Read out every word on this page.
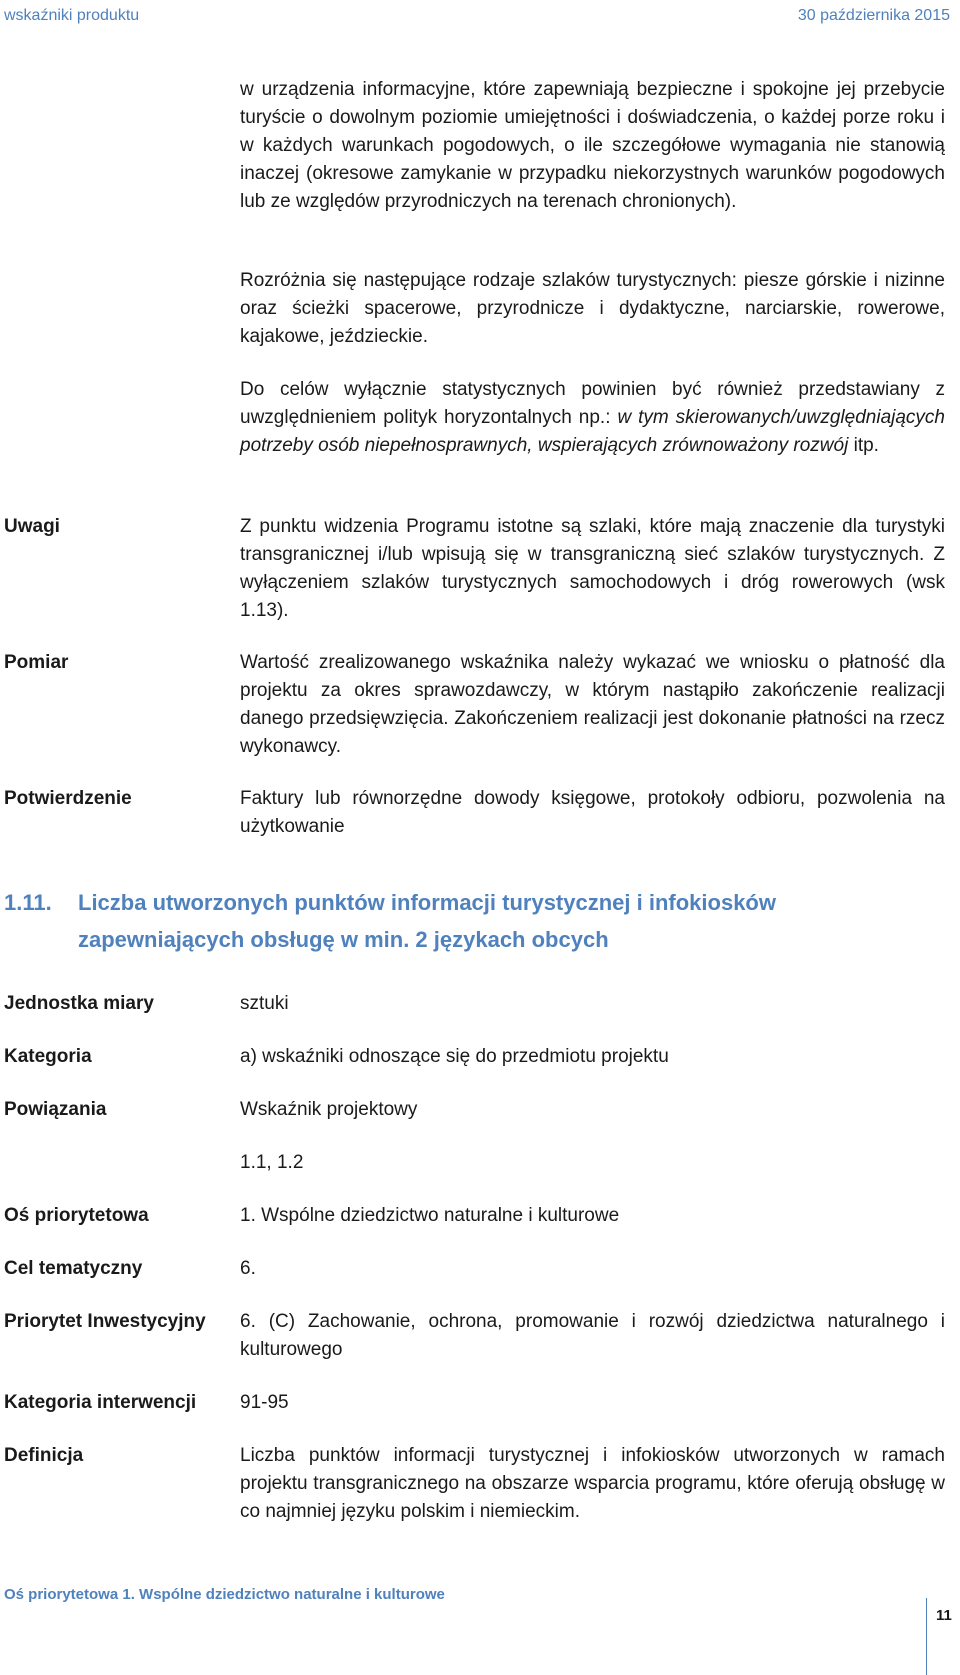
wskaźniki produktu	30 października 2015
w urządzenia informacyjne, które zapewniają bezpieczne i spokojne jej przebycie turyście o dowolnym poziomie umiejętności i doświadczenia, o każdej porze roku i w każdych warunkach pogodowych, o ile szczegółowe wymagania nie stanowią inaczej (okresowe zamykanie w przypadku niekorzystnych warunków pogodowych lub ze względów przyrodniczych na terenach chronionych).
Rozróżnia się następujące rodzaje szlaków turystycznych: piesze górskie i nizinne oraz ścieżki spacerowe, przyrodnicze i dydaktyczne, narciarskie, rowerowe, kajakowe, jeździeckie.
Do celów wyłącznie statystycznych powinien być również przedstawiany z uwzględnieniem polityk horyzontalnych np.: w tym skierowanych/uwzględniających potrzeby osób niepełnosprawnych, wspierających zrównoważony rozwój itp.
Uwagi	Z punktu widzenia Programu istotne są szlaki, które mają znaczenie dla turystyki transgranicznej i/lub wpisują się w transgraniczną sieć szlaków turystycznych. Z wyłączeniem szlaków turystycznych samochodowych i dróg rowerowych (wsk 1.13).
Pomiar	Wartość zrealizowanego wskaźnika należy wykazać we wniosku o płatność dla projektu za okres sprawozdawczy, w którym nastąpiło zakończenie realizacji danego przedsięwzięcia. Zakończeniem realizacji jest dokonanie płatności na rzecz wykonawcy.
Potwierdzenie	Faktury lub równorzędne dowody księgowe, protokoły odbioru, pozwolenia na użytkowanie
1.11. Liczba utworzonych punktów informacji turystycznej i infokiosków zapewniających obsługę w min. 2 językach obcych
Jednostka miary	sztuki
Kategoria	a) wskaźniki odnoszące się do przedmiotu projektu
Powiązania	Wskaźnik projektowy
1.1, 1.2
Oś priorytetowa	1. Wspólne dziedzictwo naturalne i kulturowe
Cel tematyczny	6.
Priorytet Inwestycyjny 6. (C) Zachowanie, ochrona, promowanie i rozwój dziedzictwa naturalnego i kulturowego
Kategoria interwencji 91-95
Definicja	Liczba punktów informacji turystycznej i infokiosków utworzonych w ramach projektu transgranicznego na obszarze wsparcia programu, które oferują obsługę w co najmniej języku polskim i niemieckim.
Oś priorytetowa 1. Wspólne dziedzictwo naturalne i kulturowe
11
